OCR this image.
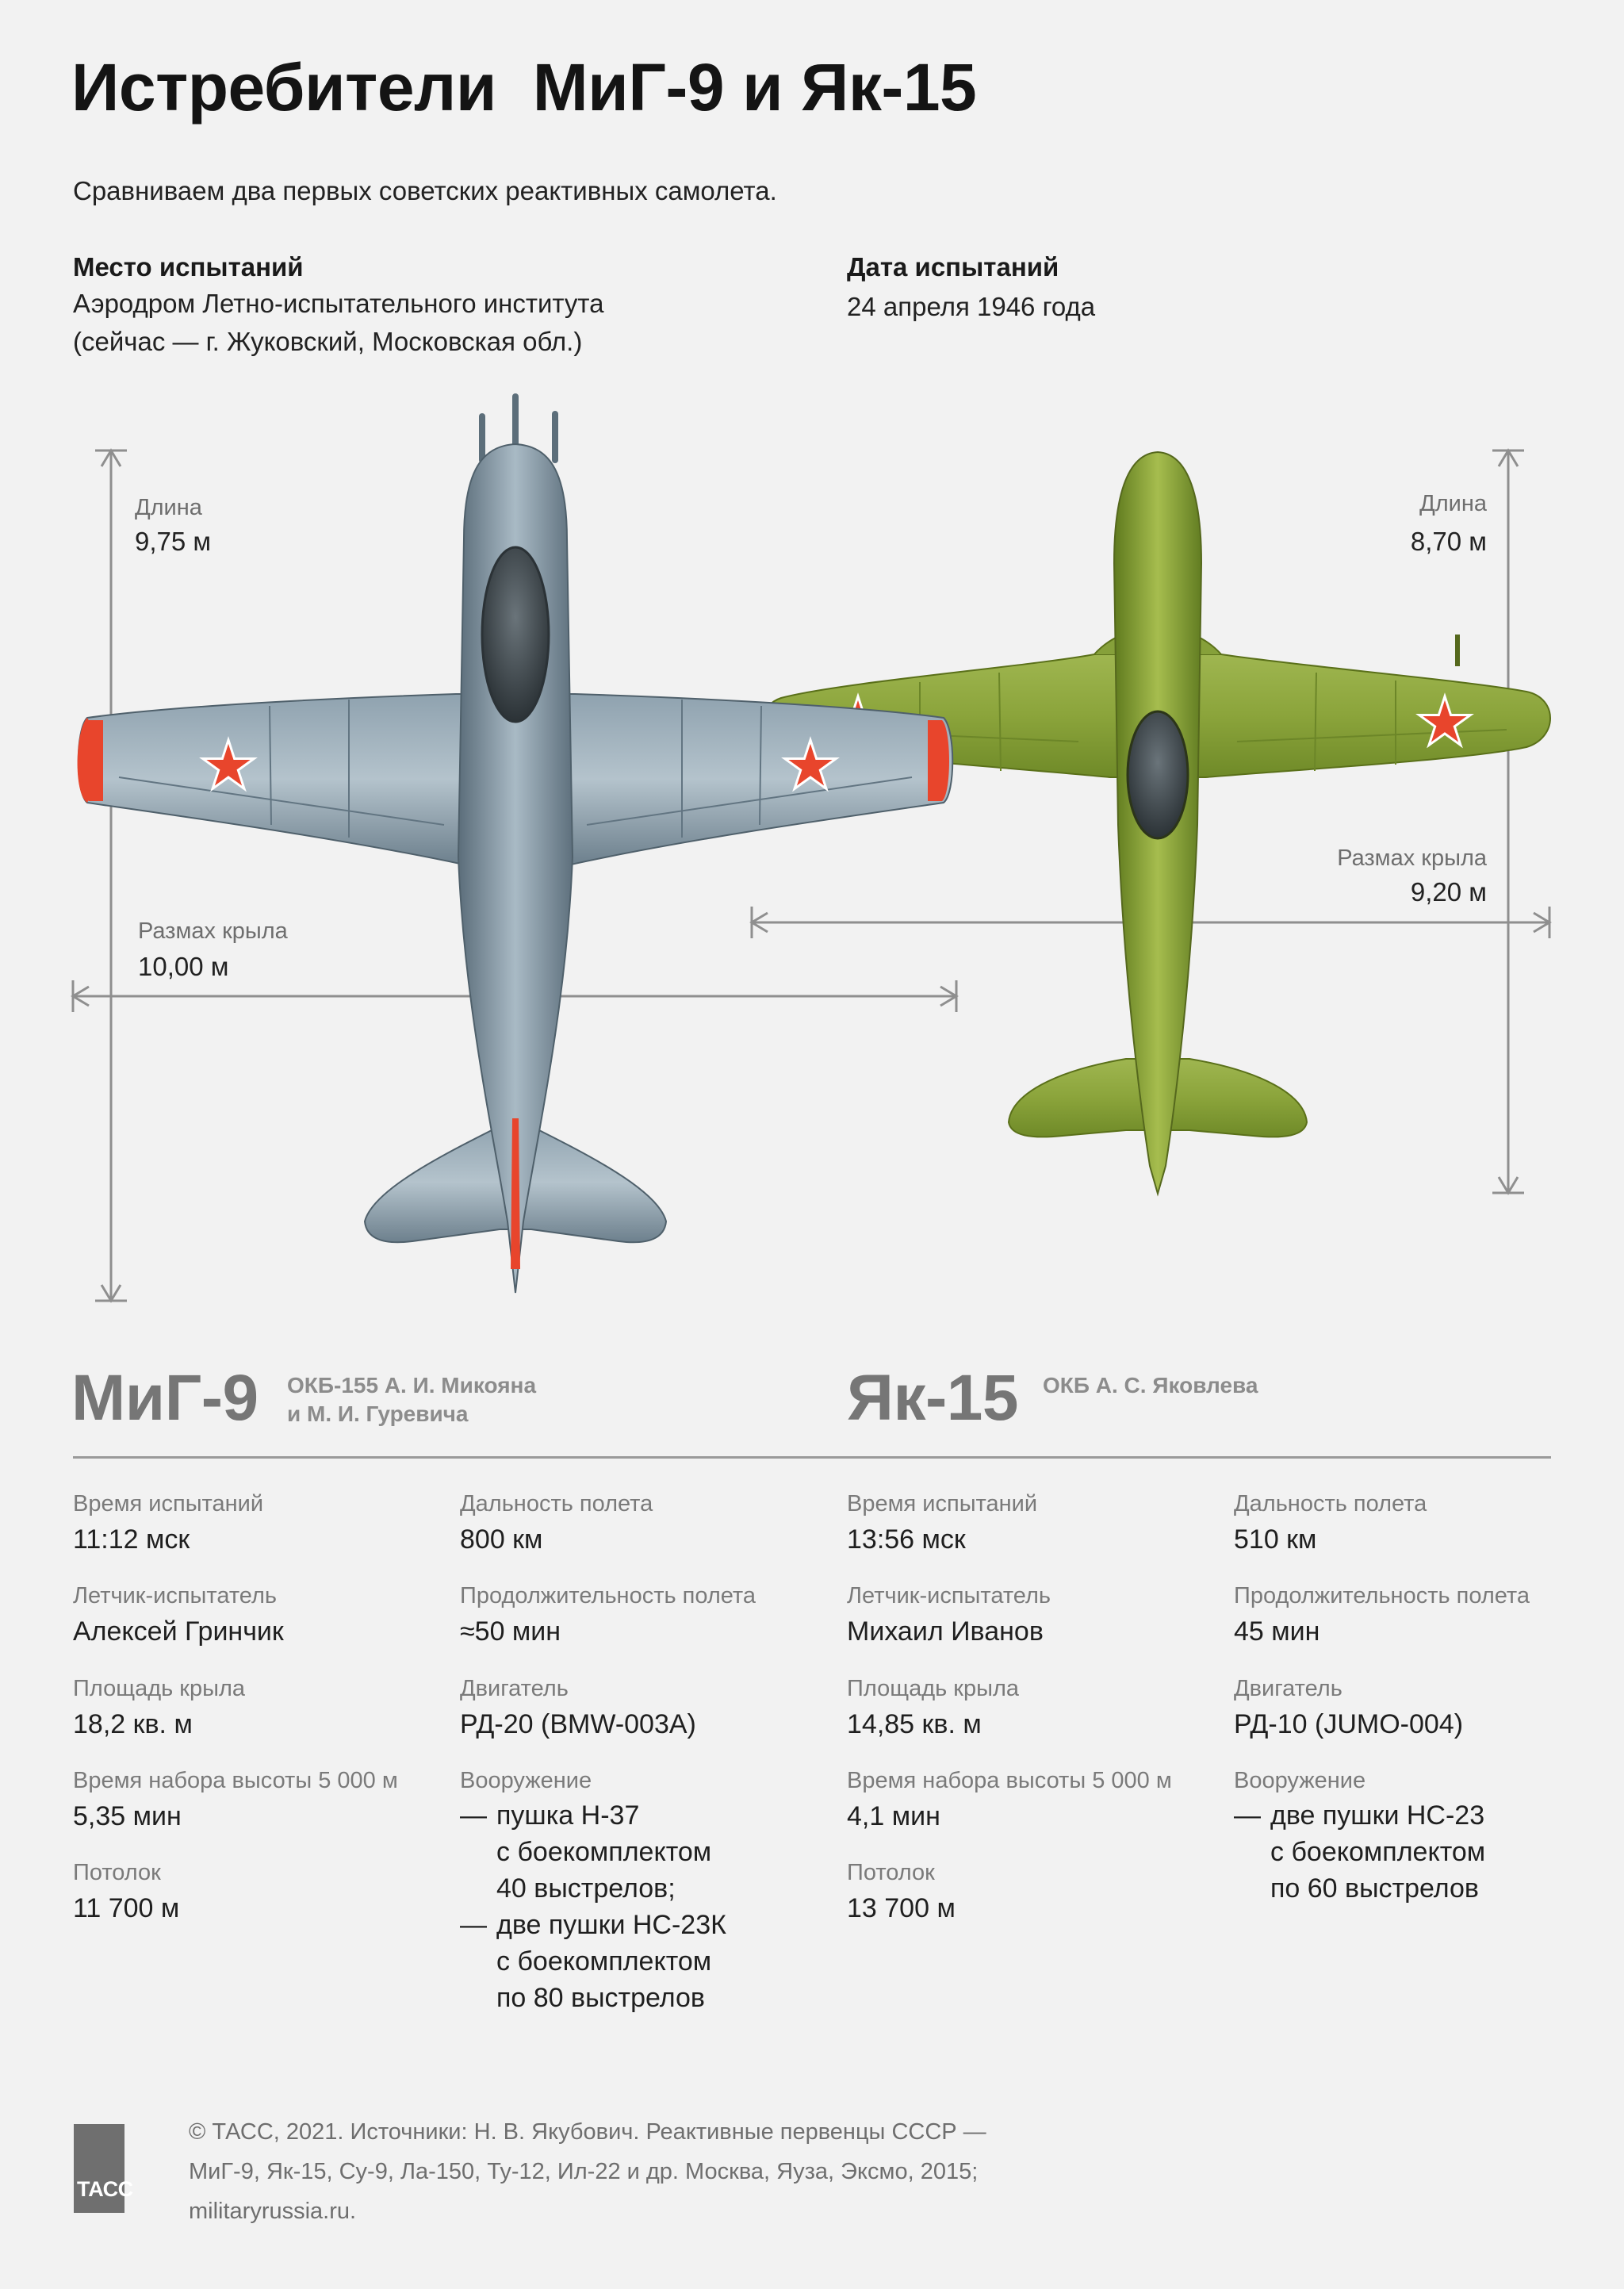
Истребители  МиГ-9 и Як-15
Сравниваем два первых советских реактивных самолета.
Место испытаний
Аэродром Летно-испытательного института
(сейчас — г. Жуковский, Московская обл.)
Дата испытаний
24 апреля 1946 года
Длина
9,75 м
Размах крыла
10,00 м
Длина
8,70 м
Размах крыла
9,20 м
МиГ-9 ОКБ-155 А. И. Микояна
и М. И. Гуревича	Як-15 ОКБ А. С. Яковлева
Время испытаний
11:12 мск
Летчик-испытатель
Алексей Гринчик
Площадь крыла
18,2 кв. м
Время набора высоты 5 000 м
5,35 мин
Потолок
11 700 м
Дальность полета
800 км
Продолжительность полета
≈50 мин
Двигатель
РД-20 (BMW-003A)
Вооружение
— пушка Н-37
с боекомплектом
40 выстрелов;
— две пушки НС-23К
с боекомплектом
по 80 выстрелов
Время испытаний
13:56 мск
Летчик-испытатель
Михаил Иванов
Площадь крыла
14,85 кв. м
Время набора высоты 5 000 м
4,1 мин
Потолок
13 700 м
Дальность полета
510 км
Продолжительность полета
45 мин
Двигатель
РД-10 (JUMO-004)
Вооружение
— две пушки НС-23
с боекомплектом
по 60 выстрелов
ТАСС
© ТАСС, 2021. Источники: Н. В. Якубович. Реактивные первенцы СССР —
МиГ-9, Як-15, Су-9, Ла-150, Ту-12, Ил-22 и др. Москва, Яуза, Эксмо, 2015;
militaryrussia.ru.
